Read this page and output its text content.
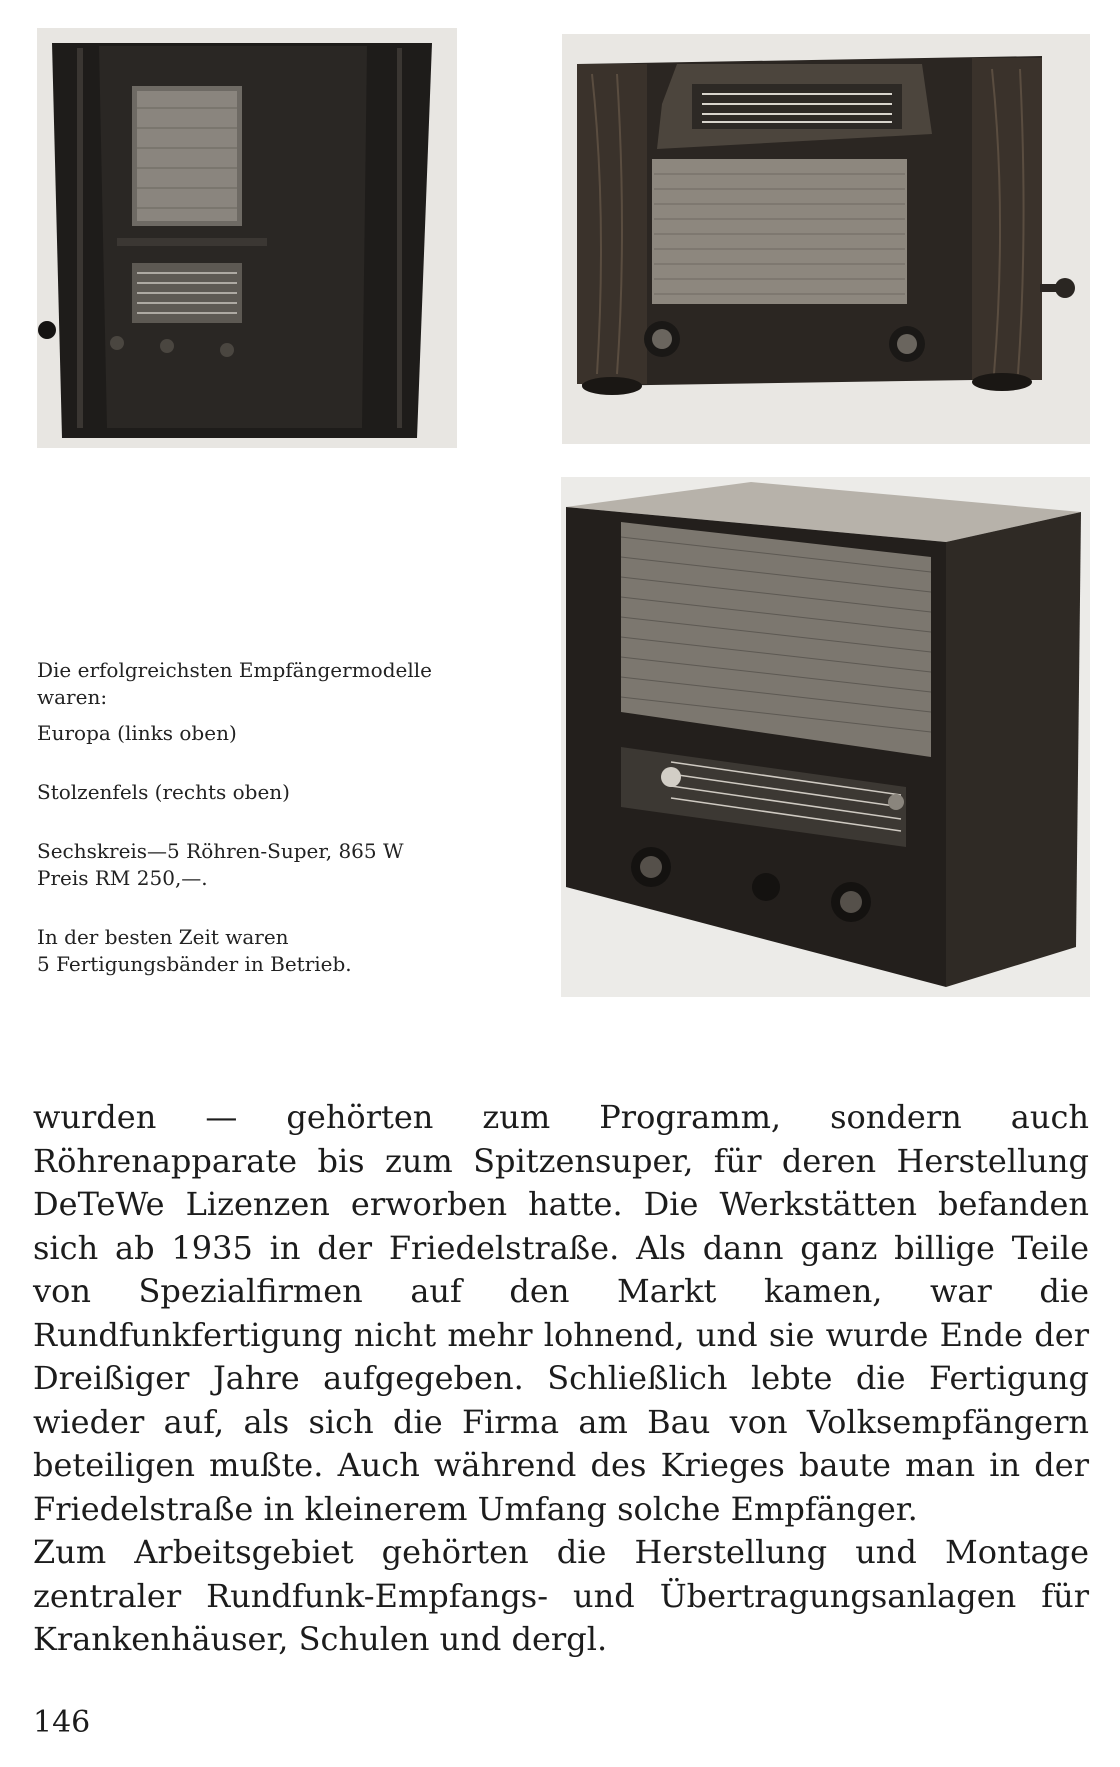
Die erfolgreichsten Empfängermodelle

waren:

Europa (links oben)

Stolzenfels (rechts oben)

Sechskreis—5 Röhren-Super, 865 W

Preis RM 250,—.

In der besten Zeit waren

5 Fertigungsbänder in Betrieb.

wurden — gehörten zum Programm, sondern auch Röhrenapparate bis zum Spitzensuper, für deren Herstellung DeTeWe Lizenzen erworben hatte. Die Werkstätten befanden sich ab 1935 in der Friedelstraße. Als dann ganz billige Teile von Spezialfirmen auf den Markt kamen, war die Rundfunkfertigung nicht mehr lohnend, und sie wurde Ende der Dreißiger Jahre aufgegeben. Schließlich lebte die Fertigung wieder auf, als sich die Firma am Bau von Volksempfängern beteiligen mußte. Auch während des Krieges baute man in der Friedelstraße in kleinerem Umfang solche Empfänger.

Zum Arbeitsgebiet gehörten die Herstellung und Montage zentraler Rundfunk-Empfangs- und Übertragungsanlagen für Krankenhäuser, Schulen und dergl.

146
